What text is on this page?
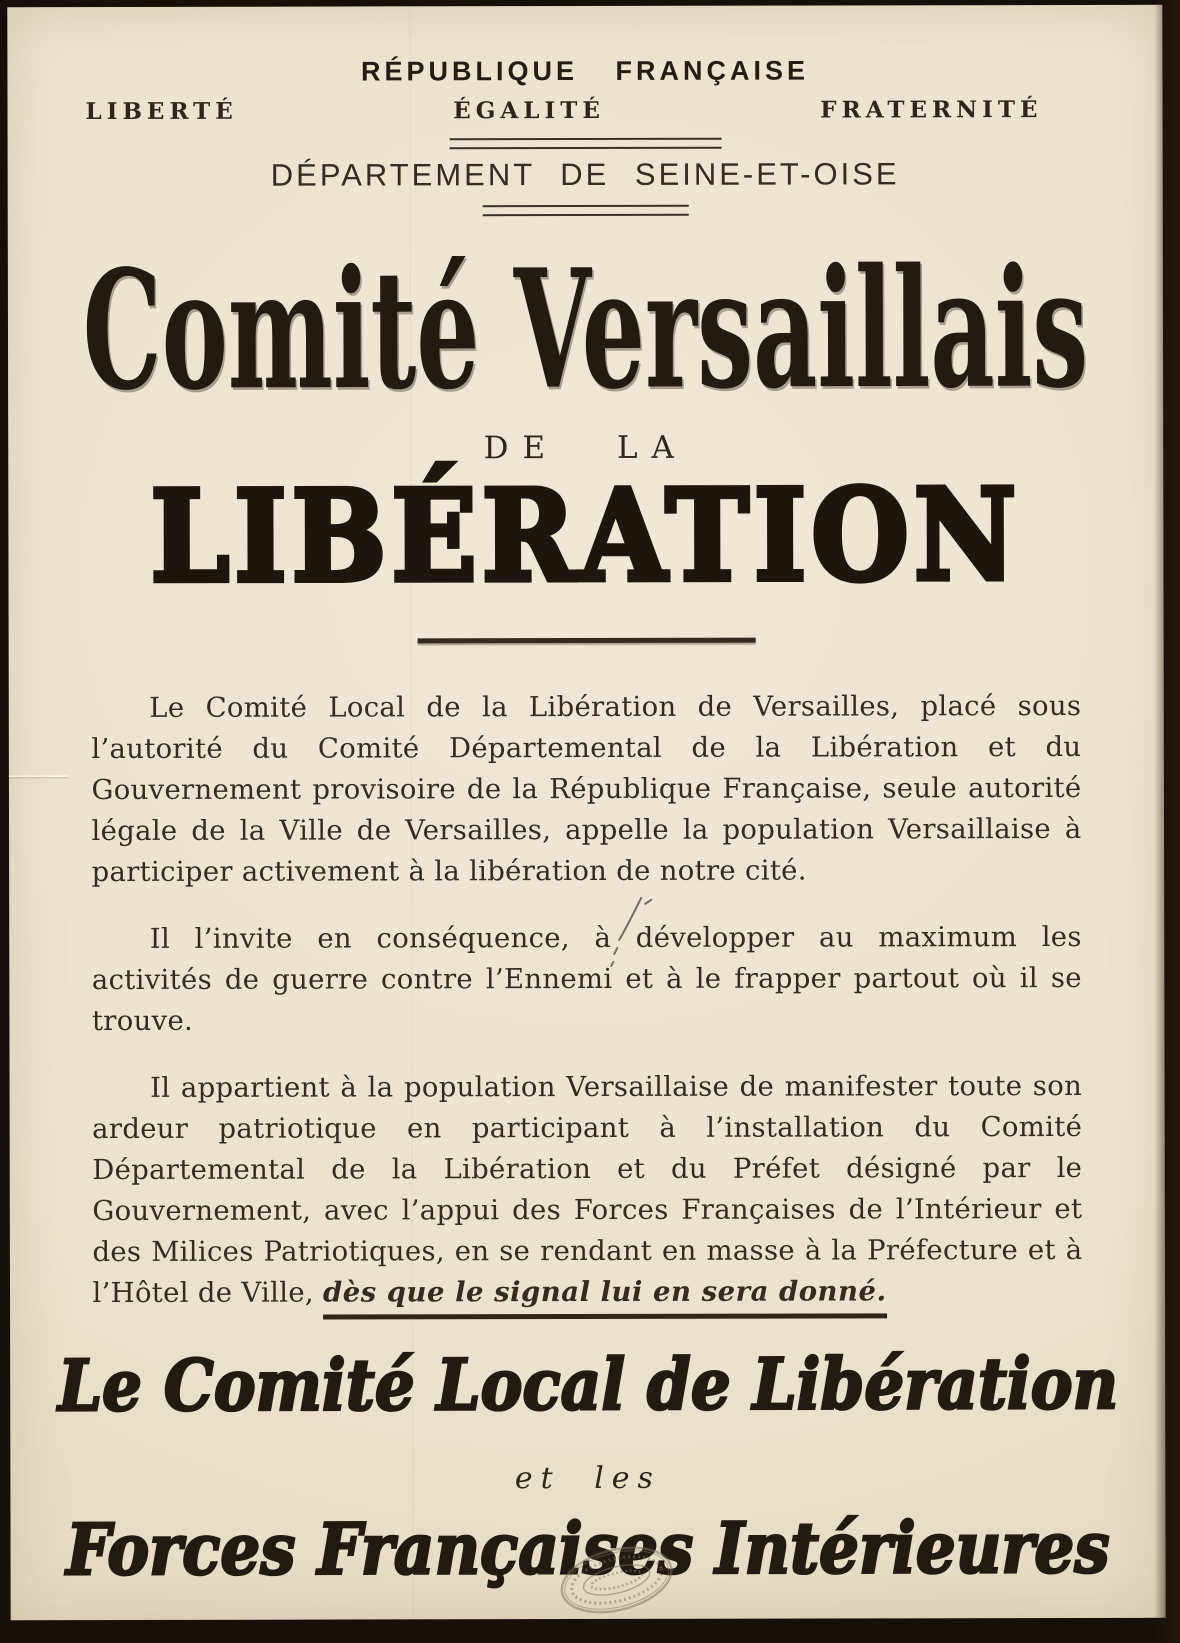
RÉPUBLIQUE FRANÇAISE
LIBERTÉ	ÉGALITÉ	FRATERNITÉ
DÉPARTEMENT DE SEINE-ET-OISE
Comité Versaillais
DE LA
LIBÉRATION

Le Comité Local de la Libération de Versailles, placé sous l’autorité du Comité Départemental de la Libération et du Gouvernement provisoire de la République Française, seule autorité légale de la Ville de Versailles, appelle la population Versaillaise à participer activement à la libération de notre cité.

Il l’invite en conséquence, à développer au maximum les activités de guerre contre l’Ennemi et à le frapper partout où il se trouve.

Il appartient à la population Versaillaise de manifester toute son ardeur patriotique en participant à l’installation du Comité Départemental de la Libération et du Préfet désigné par le Gouvernement, avec l’appui des Forces Françaises de l’Intérieur et des Milices Patriotiques, en se rendant en masse à la Préfecture et à l’Hôtel de Ville, dès que le signal lui en sera donné.

Le Comité Local de Libération
et les
Forces Françaises Intérieures
